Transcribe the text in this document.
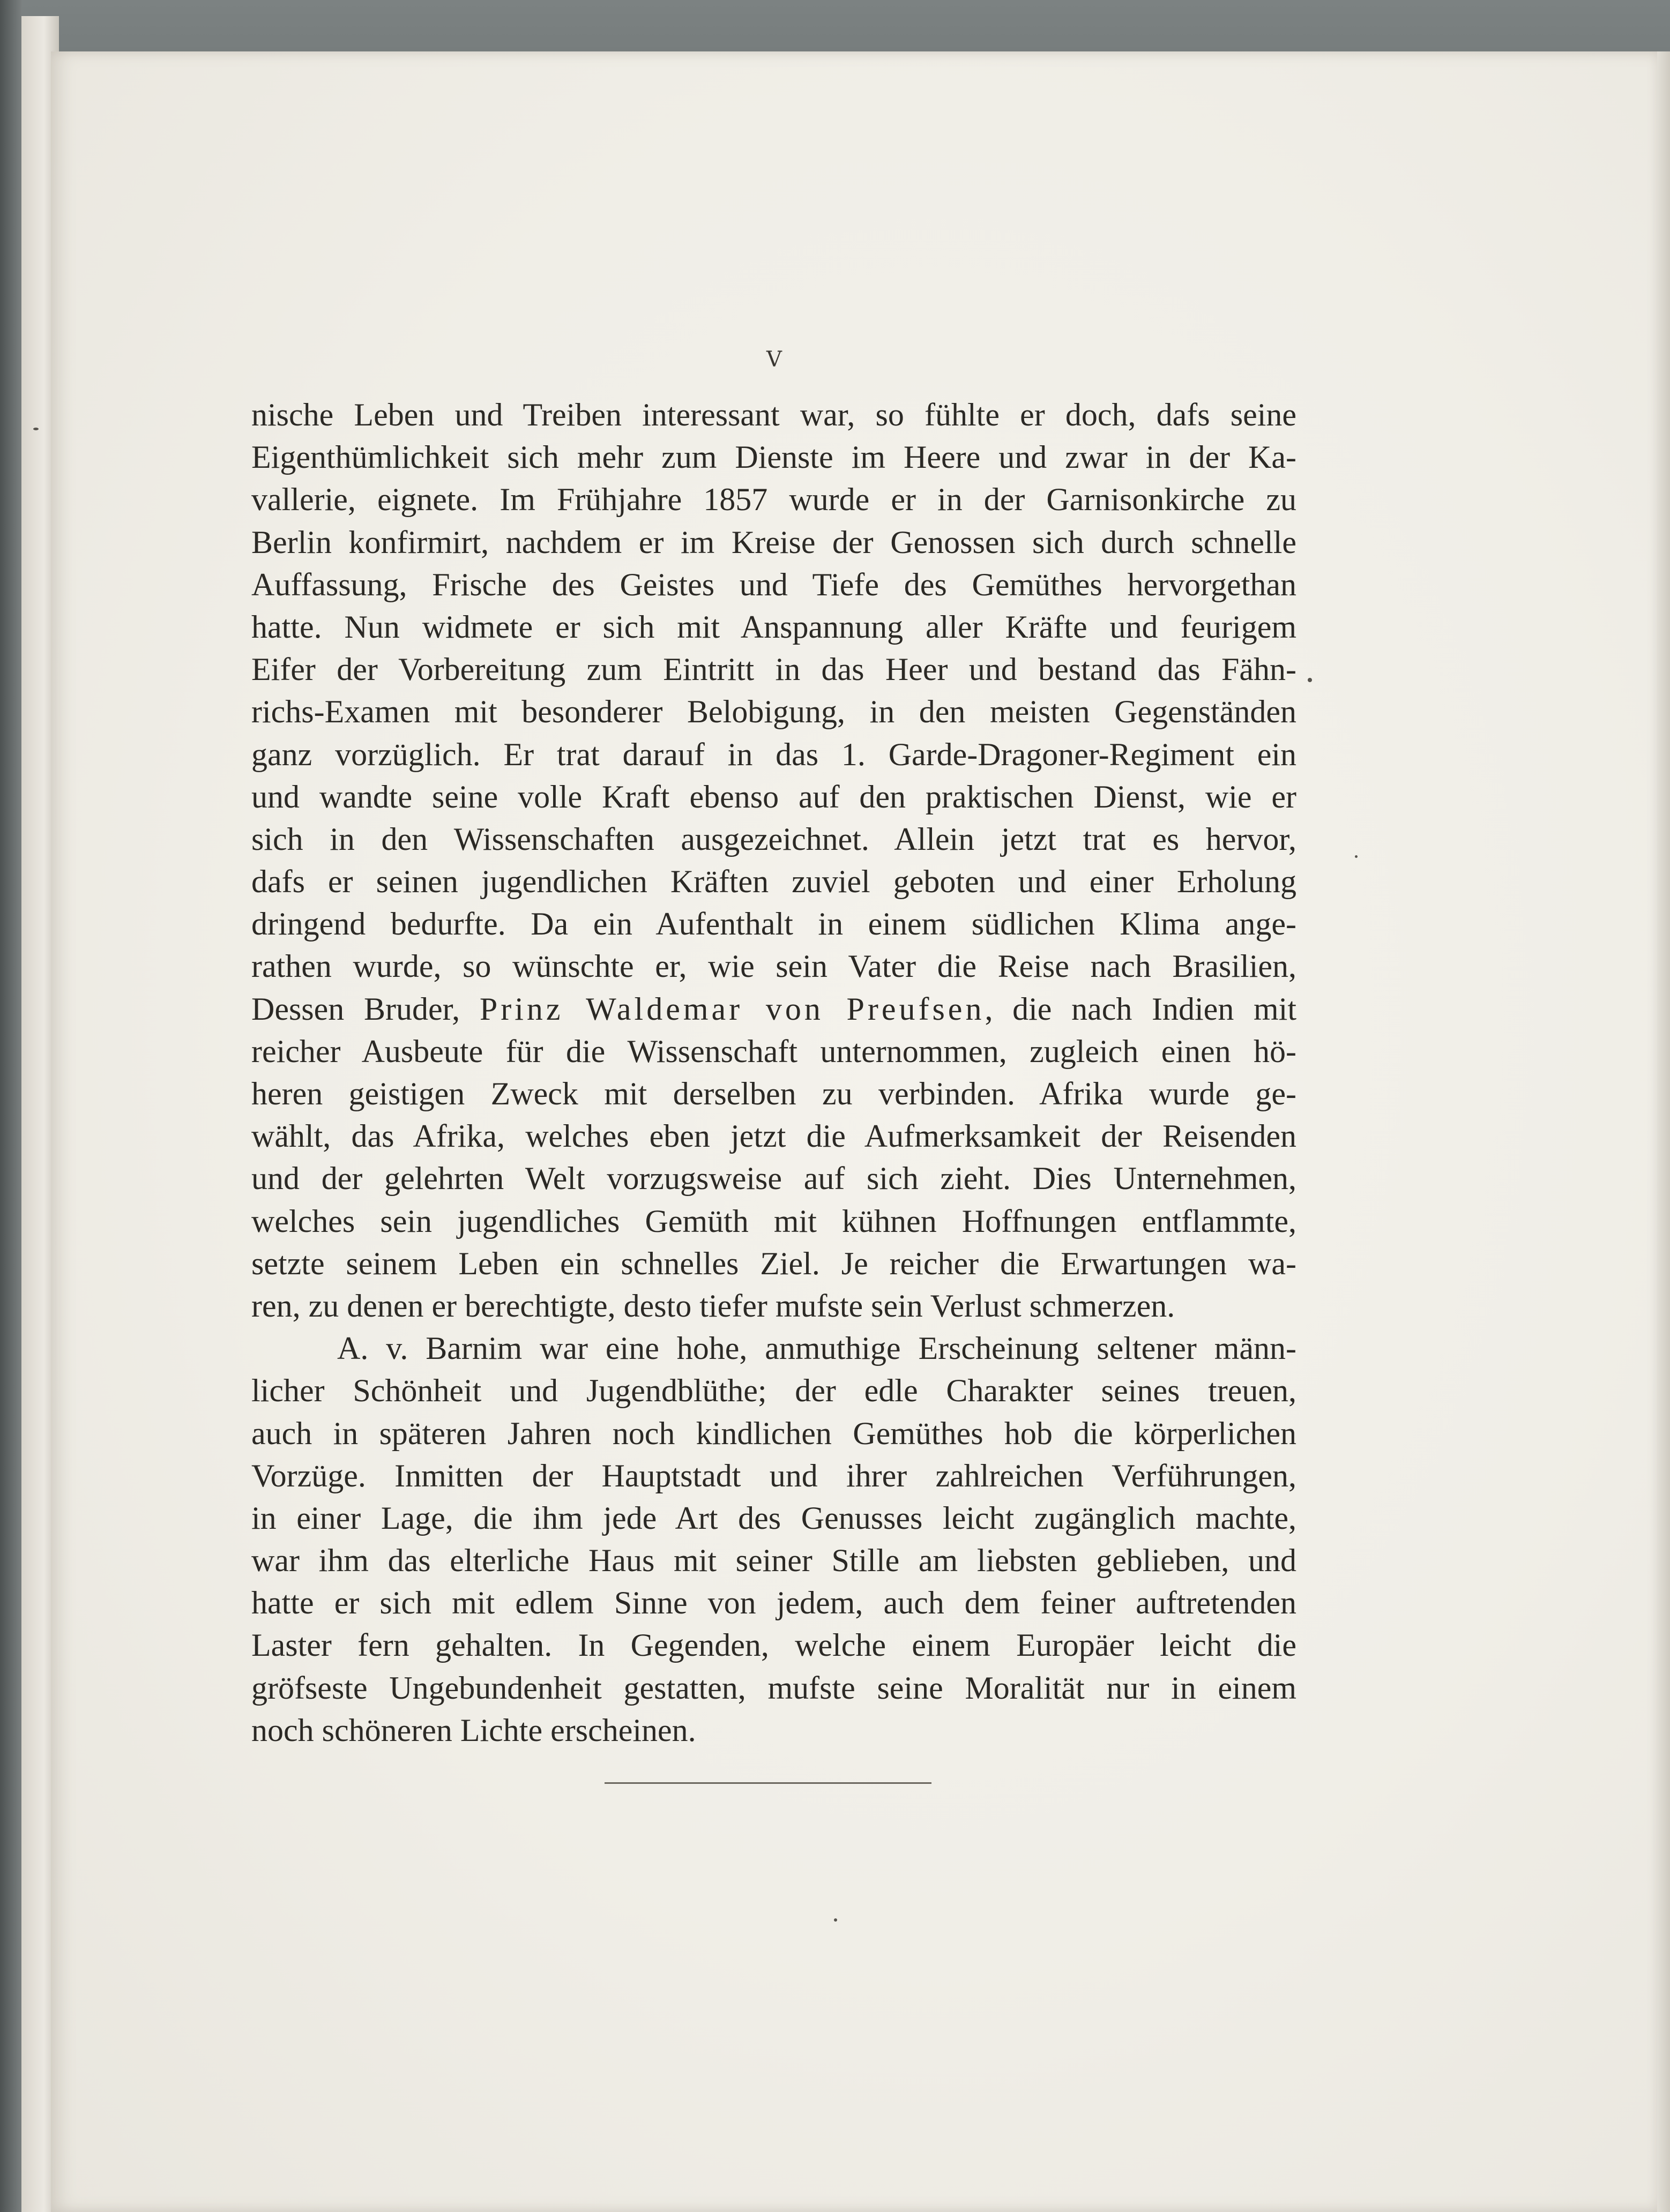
V
nische Leben und Treiben interessant war, so fühlte er doch, dafs seine
Eigenthümlichkeit sich mehr zum Dienste im Heere und zwar in der Ka-
vallerie, eignete. Im Frühjahre 1857 wurde er in der Garnisonkirche zu
Berlin konfirmirt, nachdem er im Kreise der Genossen sich durch schnelle
Auffassung, Frische des Geistes und Tiefe des Gemüthes hervorgethan
hatte. Nun widmete er sich mit Anspannung aller Kräfte und feurigem
Eifer der Vorbereitung zum Eintritt in das Heer und bestand das Fähn-
richs-Examen mit besonderer Belobigung, in den meisten Gegenständen
ganz vorzüglich. Er trat darauf in das 1. Garde-Dragoner-Regiment ein
und wandte seine volle Kraft ebenso auf den praktischen Dienst, wie er
sich in den Wissenschaften ausgezeichnet. Allein jetzt trat es hervor,
dafs er seinen jugendlichen Kräften zuviel geboten und einer Erholung
dringend bedurfte. Da ein Aufenthalt in einem südlichen Klima ange-
rathen wurde, so wünschte er, wie sein Vater die Reise nach Brasilien,
Dessen Bruder, Prinz Waldemar von Preufsen, die nach Indien mit
reicher Ausbeute für die Wissenschaft unternommen, zugleich einen hö-
heren geistigen Zweck mit derselben zu verbinden. Afrika wurde ge-
wählt, das Afrika, welches eben jetzt die Aufmerksamkeit der Reisenden
und der gelehrten Welt vorzugsweise auf sich zieht. Dies Unternehmen,
welches sein jugendliches Gemüth mit kühnen Hoffnungen entflammte,
setzte seinem Leben ein schnelles Ziel. Je reicher die Erwartungen wa-
ren, zu denen er berechtigte, desto tiefer mufste sein Verlust schmerzen.
A. v. Barnim war eine hohe, anmuthige Erscheinung seltener männ-
licher Schönheit und Jugendblüthe; der edle Charakter seines treuen,
auch in späteren Jahren noch kindlichen Gemüthes hob die körperlichen
Vorzüge. Inmitten der Hauptstadt und ihrer zahlreichen Verführungen,
in einer Lage, die ihm jede Art des Genusses leicht zugänglich machte,
war ihm das elterliche Haus mit seiner Stille am liebsten geblieben, und
hatte er sich mit edlem Sinne von jedem, auch dem feiner auftretenden
Laster fern gehalten. In Gegenden, welche einem Europäer leicht die
gröfseste Ungebundenheit gestatten, mufste seine Moralität nur in einem
noch schöneren Lichte erscheinen.
